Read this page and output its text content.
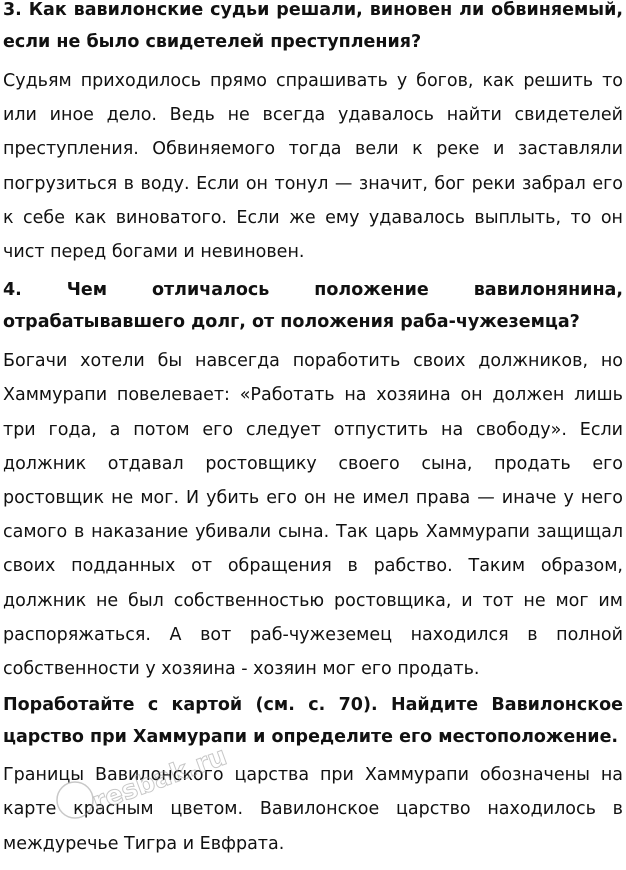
3. Как вавилонские судьи решали, виновен ли обвиняемый, если не было свидетелей преступления?

Судьям приходилось прямо спрашивать у богов, как решить то или иное дело. Ведь не всегда удавалось найти свидетелей преступления. Обвиняемого тогда вели к реке и заставляли погрузиться в воду. Если он тонул — значит, бог реки забрал его к себе как виноватого. Если же ему удавалось выплыть, то он чист перед богами и невиновен.

4. Чем отличалось положение вавилонянина, отрабатывавшего долг, от положения раба-чужеземца?

Богачи хотели бы навсегда поработить своих должников, но Хаммурапи повелевает: «Работать на хозяина он должен лишь три года, а потом его следует отпустить на свободу». Если должник отдавал ростовщику своего сына, продать его ростовщик не мог. И убить его он не имел права — иначе у него самого в наказание убивали сына. Так царь Хаммурапи защищал своих подданных от обращения в рабство. Таким образом, должник не был собственностью ростовщика, и тот не мог им распоряжаться. А вот раб-чужеземец находился в полной собственности у хозяина - хозяин мог его продать.

Поработайте с картой (см. с. 70). Найдите Вавилонское царство при Хаммурапи и определите его местоположение.

Границы Вавилонского царства при Хаммурапи обозначены на карте красным цветом. Вавилонское царство находилось в междуречье Тигра и Евфрата.

resbak.ru
